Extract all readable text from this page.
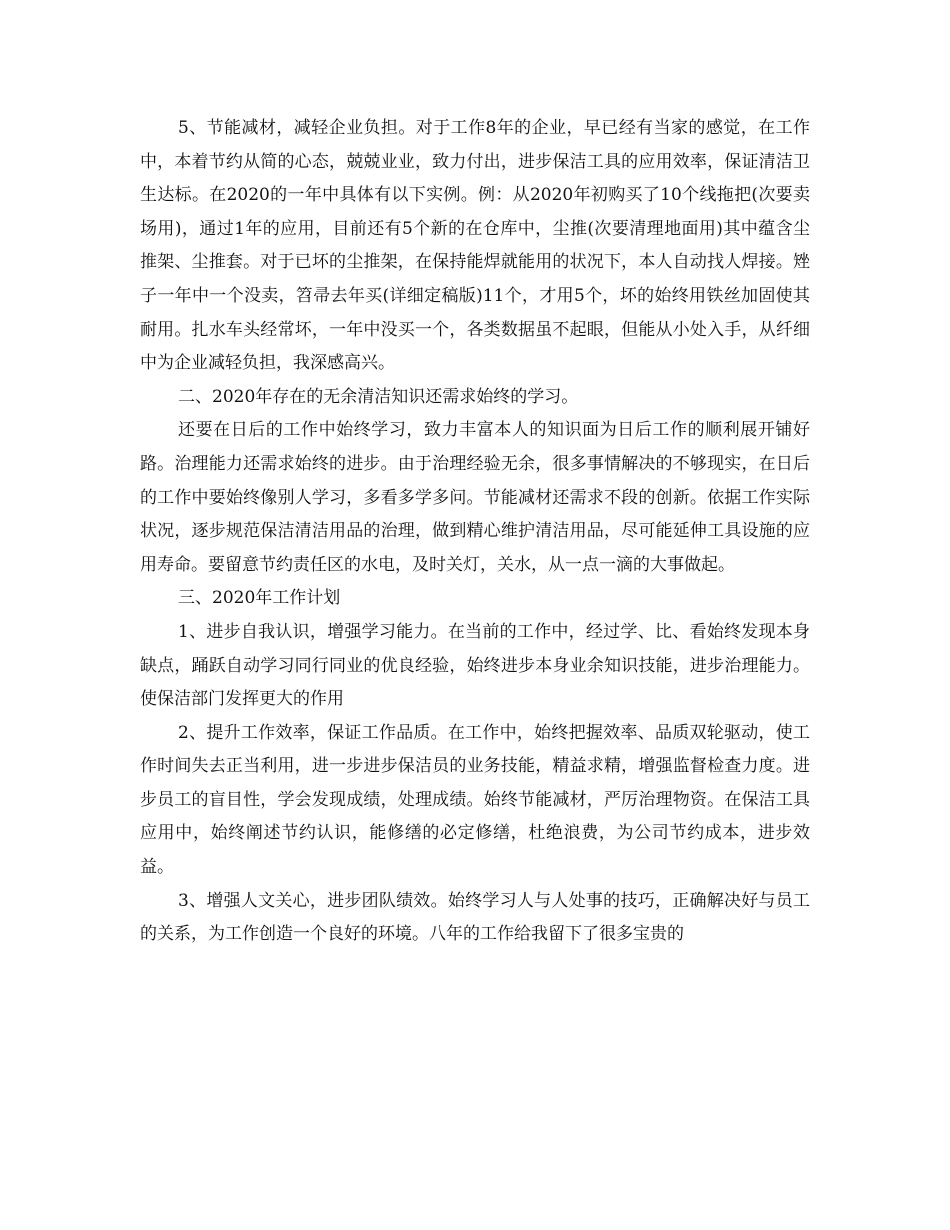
5、节能减材，减轻企业负担。对于工作8年的企业，早已经有当家的感觉，在工作中，本着节约从简的心态，兢兢业业，致力付出，进步保洁工具的应用效率，保证清洁卫生达标。在2020的一年中具体有以下实例。例：从2020年初购买了10个线拖把(次要卖场用)，通过1年的应用，目前还有5个新的在仓库中，尘推(次要清理地面用)其中蕴含尘推架、尘推套。对于已坏的尘推架，在保持能焊就能用的状况下，本人自动找人焊接。矬子一年中一个没卖，笤帚去年买(详细定稿版)11个，才用5个，坏的始终用铁丝加固使其耐用。扎水车头经常坏，一年中没买一个，各类数据虽不起眼，但能从小处入手，从纤细中为企业减轻负担，我深感高兴。

二、2020年存在的无余清洁知识还需求始终的学习。

还要在日后的工作中始终学习，致力丰富本人的知识面为日后工作的顺利展开铺好路。治理能力还需求始终的进步。由于治理经验无余，很多事情解决的不够现实，在日后的工作中要始终像别人学习，多看多学多问。节能减材还需求不段的创新。依据工作实际状况，逐步规范保洁清洁用品的治理，做到精心维护清洁用品，尽可能延伸工具设施的应用寿命。要留意节约责任区的水电，及时关灯，关水，从一点一滴的大事做起。

三、2020年工作计划

1、进步自我认识，增强学习能力。在当前的工作中，经过学、比、看始终发现本身缺点，踊跃自动学习同行同业的优良经验，始终进步本身业余知识技能，进步治理能力。使保洁部门发挥更大的作用

2、提升工作效率，保证工作品质。在工作中，始终把握效率、品质双轮驱动，使工作时间失去正当利用，进一步进步保洁员的业务技能，精益求精，增强监督检查力度。进步员工的盲目性，学会发现成绩，处理成绩。始终节能减材，严厉治理物资。在保洁工具应用中，始终阐述节约认识，能修缮的必定修缮，杜绝浪费，为公司节约成本，进步效益。

3、增强人文关心，进步团队绩效。始终学习人与人处事的技巧，正确解决好与员工的关系，为工作创造一个良好的环境。八年的工作给我留下了很多宝贵的
